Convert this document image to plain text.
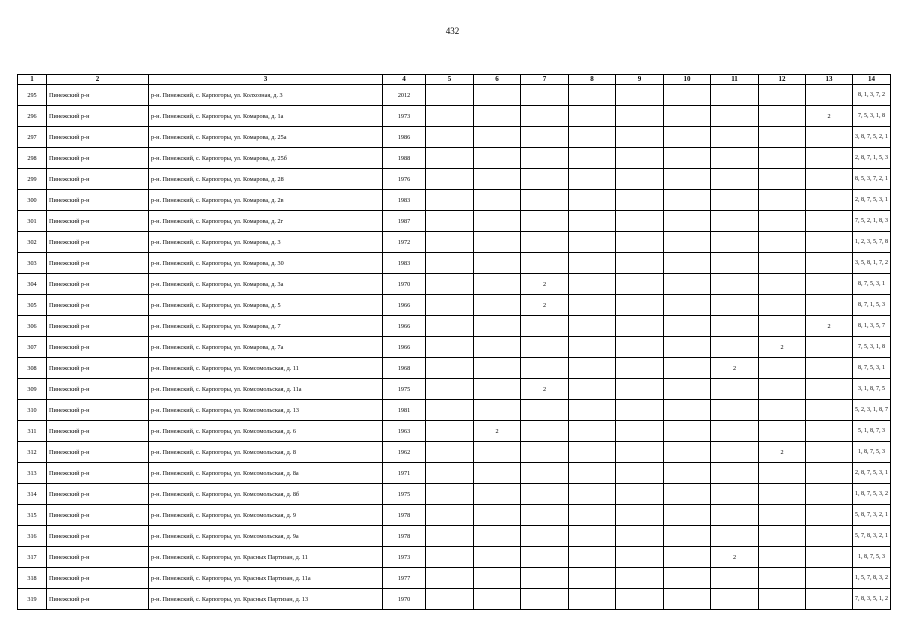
432
1	2	3	4	5	6	7	8	9	10	11	12	13	14
295	Пинежский р-н	р-н. Пинежский, с. Карпогоры, ул. Колхозная, д. 3	2012										8, 1, 3, 7, 2
296	Пинежский р-н	р-н. Пинежский, с. Карпогоры, ул. Комарова, д. 1а	1973									2	7, 5, 3, 1, 8
297	Пинежский р-н	р-н. Пинежский, с. Карпогоры, ул. Комарова, д. 25а	1986										3, 8, 7, 5, 2, 1
298	Пинежский р-н	р-н. Пинежский, с. Карпогоры, ул. Комарова, д. 25б	1988										2, 8, 7, 1, 5, 3
299	Пинежский р-н	р-н. Пинежский, с. Карпогоры, ул. Комарова, д. 28	1976										8, 5, 3, 7, 2, 1
300	Пинежский р-н	р-н. Пинежский, с. Карпогоры, ул. Комарова, д. 2в	1983										2, 8, 7, 5, 3, 1
301	Пинежский р-н	р-н. Пинежский, с. Карпогоры, ул. Комарова, д. 2г	1987										7, 5, 2, 1, 8, 3
302	Пинежский р-н	р-н. Пинежский, с. Карпогоры, ул. Комарова, д. 3	1972										1, 2, 3, 5, 7, 8
303	Пинежский р-н	р-н. Пинежский, с. Карпогоры, ул. Комарова, д. 30	1983										3, 5, 8, 1, 7, 2
304	Пинежский р-н	р-н. Пинежский, с. Карпогоры, ул. Комарова, д. 3а	1970			2							8, 7, 5, 3, 1
305	Пинежский р-н	р-н. Пинежский, с. Карпогоры, ул. Комарова, д. 5	1966			2							8, 7, 1, 5, 3
306	Пинежский р-н	р-н. Пинежский, с. Карпогоры, ул. Комарова, д. 7	1966									2	8, 1, 3, 5, 7
307	Пинежский р-н	р-н. Пинежский, с. Карпогоры, ул. Комарова, д. 7а	1966								2		7, 5, 3, 1, 8
308	Пинежский р-н	р-н. Пинежский, с. Карпогоры, ул. Комсомольская, д. 11	1968							2			8, 7, 5, 3, 1
309	Пинежский р-н	р-н. Пинежский, с. Карпогоры, ул. Комсомольская, д. 11а	1975			2							3, 1, 8, 7, 5
310	Пинежский р-н	р-н. Пинежский, с. Карпогоры, ул. Комсомольская, д. 13	1981										5, 2, 3, 1, 8, 7
311	Пинежский р-н	р-н. Пинежский, с. Карпогоры, ул. Комсомольская, д. 6	1963		2								5, 1, 8, 7, 3
312	Пинежский р-н	р-н. Пинежский, с. Карпогоры, ул. Комсомольская, д. 8	1962								2		1, 8, 7, 5, 3
313	Пинежский р-н	р-н. Пинежский, с. Карпогоры, ул. Комсомольская, д. 8а	1971										2, 8, 7, 5, 3, 1
314	Пинежский р-н	р-н. Пинежский, с. Карпогоры, ул. Комсомольская, д. 8б	1975										1, 8, 7, 5, 3, 2
315	Пинежский р-н	р-н. Пинежский, с. Карпогоры, ул. Комсомольская, д. 9	1978										5, 8, 7, 3, 2, 1
316	Пинежский р-н	р-н. Пинежский, с. Карпогоры, ул. Комсомольская, д. 9а	1978										5, 7, 8, 3, 2, 1
317	Пинежский р-н	р-н. Пинежский, с. Карпогоры, ул. Красных Партизан, д. 11	1973							2			1, 8, 7, 5, 3
318	Пинежский р-н	р-н. Пинежский, с. Карпогоры, ул. Красных Партизан, д. 11а	1977										1, 5, 7, 8, 3, 2
319	Пинежский р-н	р-н. Пинежский, с. Карпогоры, ул. Красных Партизан, д. 13	1970										7, 8, 3, 5, 1, 2
